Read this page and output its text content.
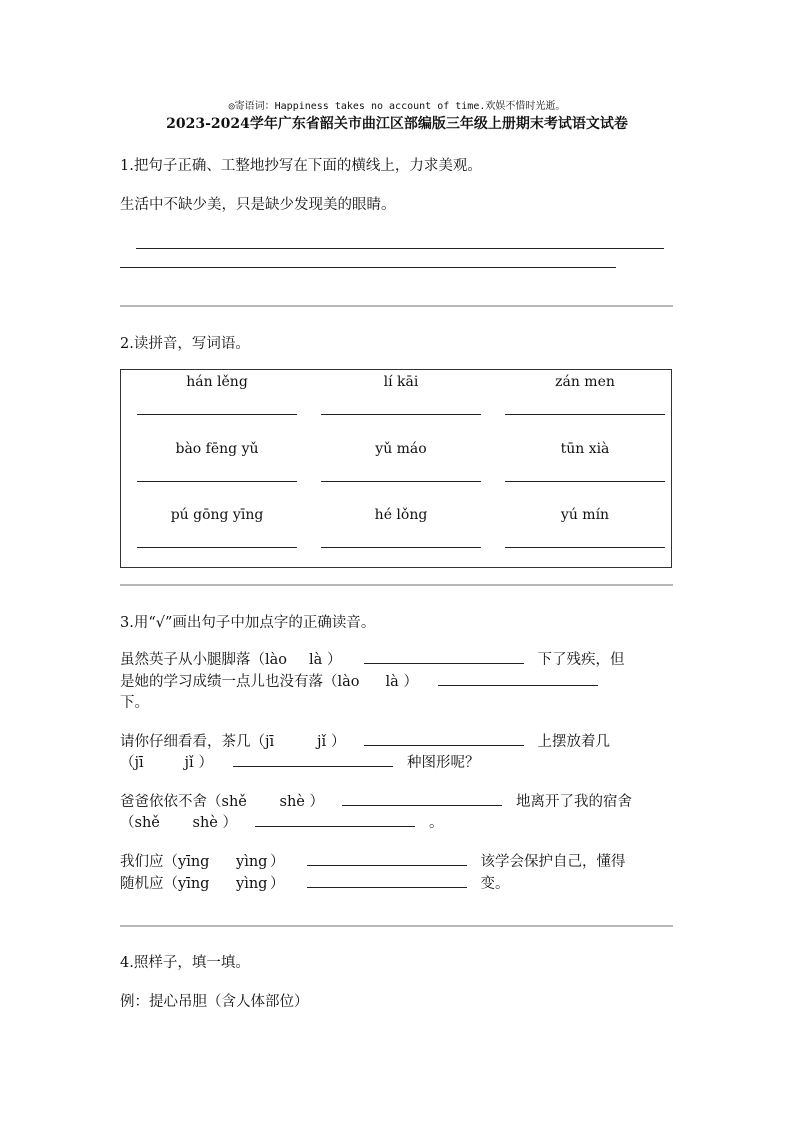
◎寄语词：Happiness takes no account of time.欢娱不惜时光逝。
2023-2024学年广东省韶关市曲江区部编版三年级上册期末考试语文试卷
1.把句子正确、工整地抄写在下面的横线上，力求美观。
生活中不缺少美，只是缺少发现美的眼睛。
2.读拼音，写词语。
hán lěng	lí kāi	zán men
bào fēng yǔ	yǔ máo	tūn xià
pú gōng yīng	hé lǒng	yú mín
3.用“√”画出句子中加点字的正确读音。
虽然英子从小腿脚落（lào là ）	下了残疾，但
是她的学习成绩一点儿也没有落（lào là ）
下。
请你仔细看看，茶几（jī	jǐ ）	上摆放着几
（jī	jǐ ）	种图形呢？
爸爸依依不舍（shě shè ）	地离开了我的宿舍
（shě shè ）	。
我们应（yīng yìng ）	该学会保护自己，懂得
随机应（yīng yìng ）	变。
4.照样子，填一填。
例：提心吊胆（含人体部位）
